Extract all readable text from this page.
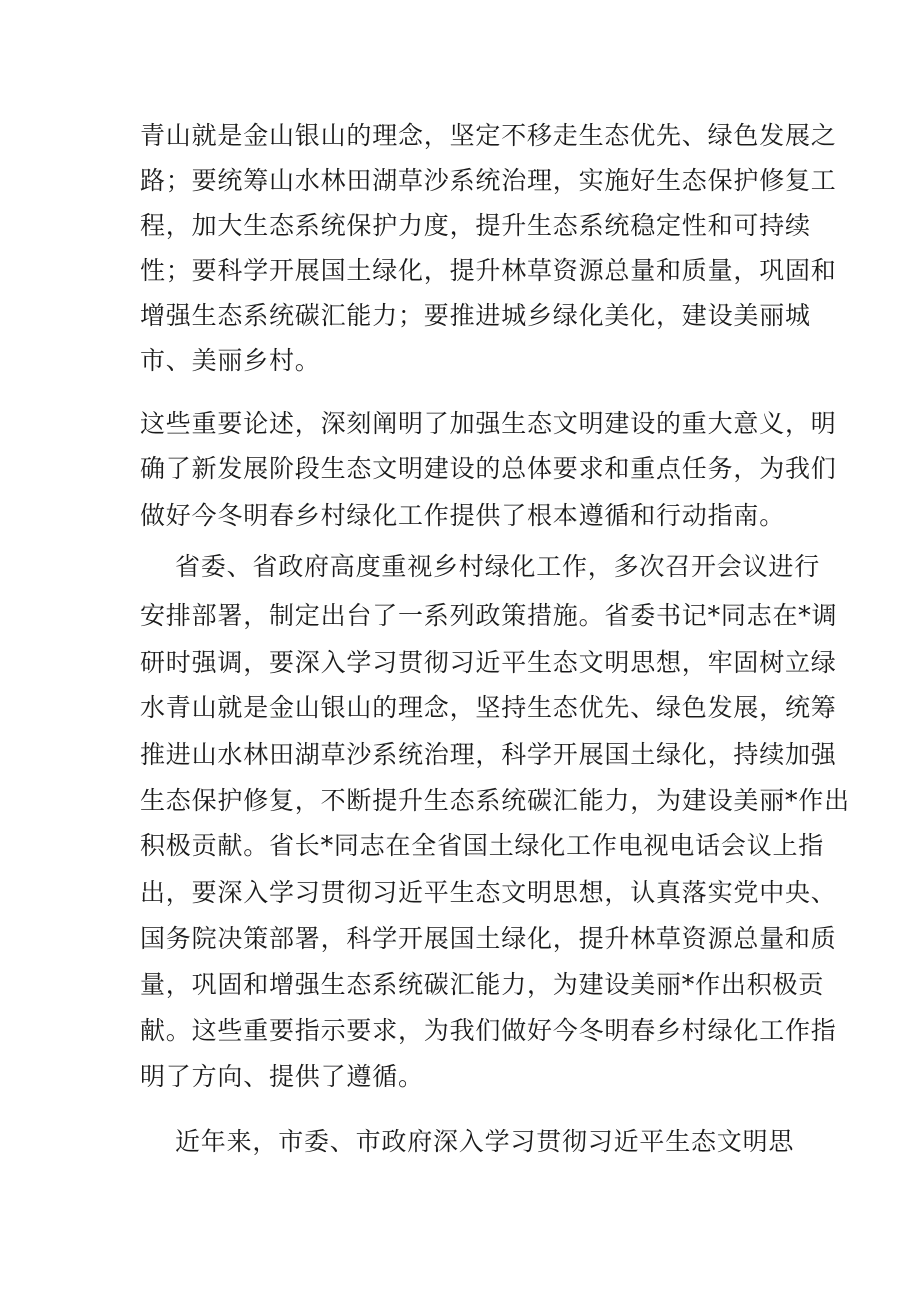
青山就是金山银山的理念，坚定不移走生态优先、绿色发展之
路；要统筹山水林田湖草沙系统治理，实施好生态保护修复工
程，加大生态系统保护力度，提升生态系统稳定性和可持续
性；要科学开展国土绿化，提升林草资源总量和质量，巩固和
增强生态系统碳汇能力；要推进城乡绿化美化，建设美丽城
市、美丽乡村。
这些重要论述，深刻阐明了加强生态文明建设的重大意义，明
确了新发展阶段生态文明建设的总体要求和重点任务，为我们
做好今冬明春乡村绿化工作提供了根本遵循和行动指南。
省委、省政府高度重视乡村绿化工作，多次召开会议进行
安排部署，制定出台了一系列政策措施。省委书记*同志在*调
研时强调，要深入学习贯彻习近平生态文明思想，牢固树立绿
水青山就是金山银山的理念，坚持生态优先、绿色发展，统筹
推进山水林田湖草沙系统治理，科学开展国土绿化，持续加强
生态保护修复，不断提升生态系统碳汇能力，为建设美丽*作出
积极贡献。省长*同志在全省国土绿化工作电视电话会议上指
出，要深入学习贯彻习近平生态文明思想，认真落实党中央、
国务院决策部署，科学开展国土绿化，提升林草资源总量和质
量，巩固和增强生态系统碳汇能力，为建设美丽*作出积极贡
献。这些重要指示要求，为我们做好今冬明春乡村绿化工作指
明了方向、提供了遵循。
近年来，市委、市政府深入学习贯彻习近平生态文明思
